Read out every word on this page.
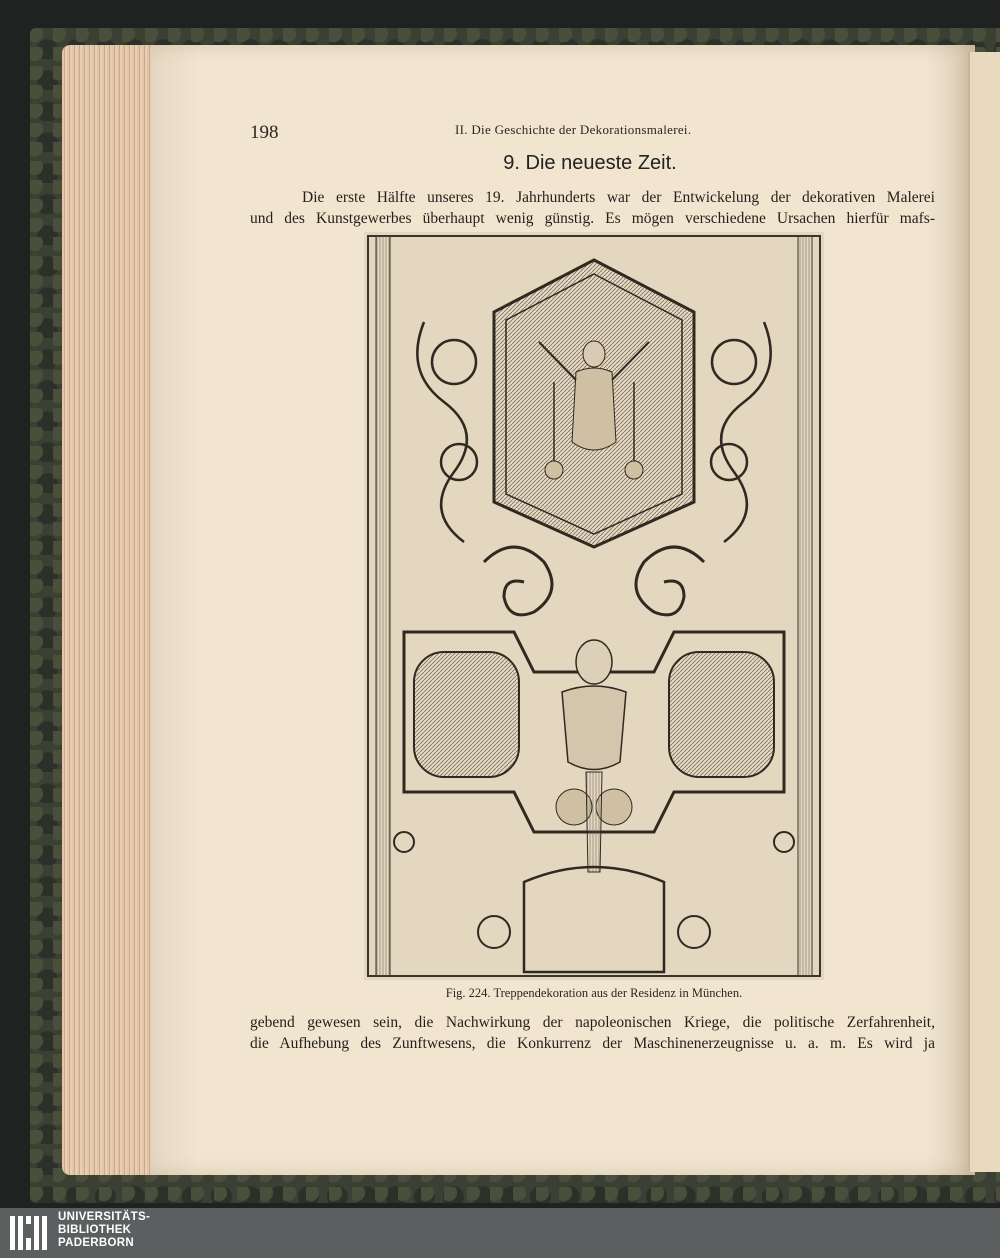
198	II. Die Geschichte der Dekorationsmalerei.
9. Die neueste Zeit.

Die erste Hälfte unseres 19. Jahrhunderts war der Entwickelung der dekorativen Malerei
und des Kunstgewerbes überhaupt wenig günstig. Es mögen verschiedene Ursachen hierfür mafs-

Fig. 224. Treppendekoration aus der Residenz in München.

gebend gewesen sein, die Nachwirkung der napoleonischen Kriege, die politische Zerfahrenheit,
die Aufhebung des Zunftwesens, die Konkurrenz der Maschinenerzeugnisse u. a. m. Es wird ja

UNIVERSITÄTS-
BIBLIOTHEK
PADERBORN
